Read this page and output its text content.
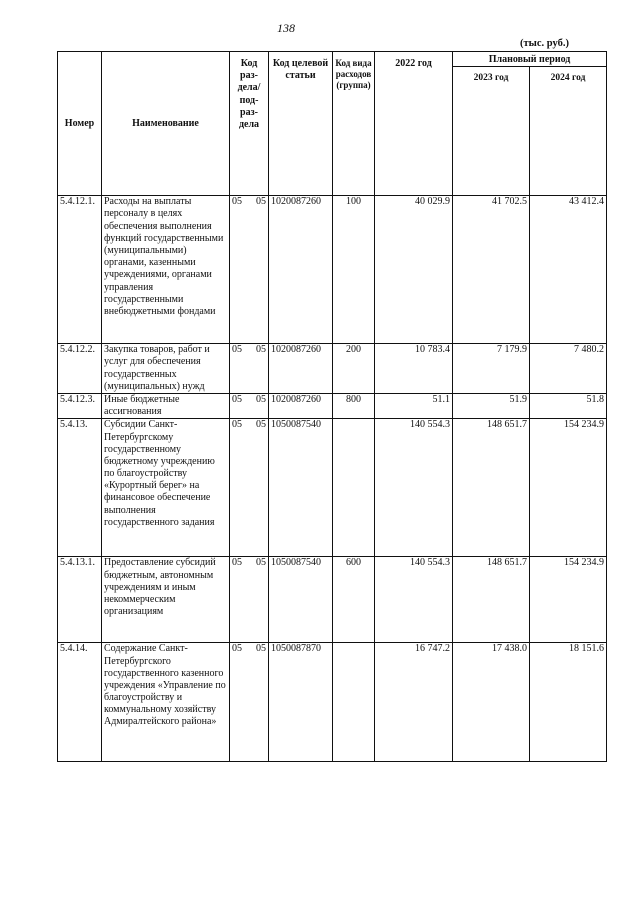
138
(тыс. руб.)
Номер	Наименование	Код раз-дела/ под-раз-дела		Код целевой статьи	Код вида расходов (группа)	2022 год	Плановый период	
							2023 год	2024 год
5.4.12.1.	Расходы на выплаты персоналу в целях обеспечения выполнения функций государственными (муниципальными) органами, казенными учреждениями, органами управления государственными внебюджетными фондами	05	05	1020087260	100	40 029.9	41 702.5	43 412.4
5.4.12.2.	Закупка товаров, работ и услуг для обеспечения государственных (муниципальных) нужд	05	05	1020087260	200	10 783.4	7 179.9	7 480.2
5.4.12.3.	Иные бюджетные ассигнования	05	05	1020087260	800	51.1	51.9	51.8
5.4.13.	Субсидии Санкт-Петербургскому государственному бюджетному учреждению по благоустройству «Курортный берег» на финансовое обеспечение выполнения государственного задания	05	05	1050087540		140 554.3	148 651.7	154 234.9
5.4.13.1.	Предоставление субсидий бюджетным, автономным учреждениям и иным некоммерческим организациям	05	05	1050087540	600	140 554.3	148 651.7	154 234.9
5.4.14.	Содержание Санкт-Петербургского государственного казенного учреждения «Управление по благоустройству и коммунальному хозяйству Адмиралтейского района»	05	05	1050087870		16 747.2	17 438.0	18 151.6
